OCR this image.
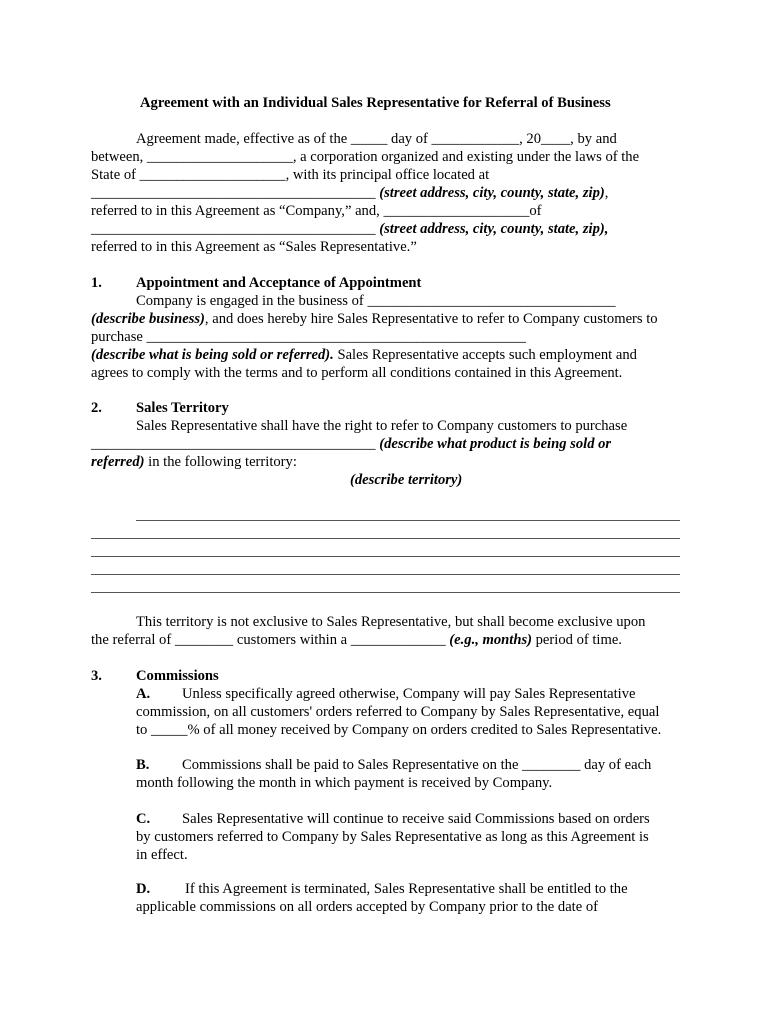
Agreement with an Individual Sales Representative for Referral of Business

Agreement made, effective as of the _____ day of ____________, 20____, by and

between, ____________________, a corporation organized and existing under the laws of the

State of ____________________, with its principal office located at

_______________________________________ (street address, city, county, state, zip),

referred to in this Agreement as “Company,” and, ____________________of

_______________________________________ (street address, city, county, state, zip),

referred to in this Agreement as “Sales Representative.”

1. Appointment and Acceptance of Appointment

Company is engaged in the business of __________________________________

(describe business), and does hereby hire Sales Representative to refer to Company customers to

purchase ____________________________________________________

(describe what is being sold or referred). Sales Representative accepts such employment and

agrees to comply with the terms and to perform all conditions contained in this Agreement.

2. Sales Territory

Sales Representative shall have the right to refer to Company customers to purchase

_______________________________________ (describe what product is being sold or

referred) in the following territory:

(describe territory)

This territory is not exclusive to Sales Representative, but shall become exclusive upon

the referral of ________ customers within a _____________ (e.g., months) period of time.

3. Commissions

A. Unless specifically agreed otherwise, Company will pay Sales Representative

commission, on all customers' orders referred to Company by Sales Representative, equal

to _____% of all money received by Company on orders credited to Sales Representative.

B. Commissions shall be paid to Sales Representative on the ________ day of each

month following the month in which payment is received by Company.

C. Sales Representative will continue to receive said Commissions based on orders

by customers referred to Company by Sales Representative as long as this Agreement is

in effect.

D. If this Agreement is terminated, Sales Representative shall be entitled to the

applicable commissions on all orders accepted by Company prior to the date of
